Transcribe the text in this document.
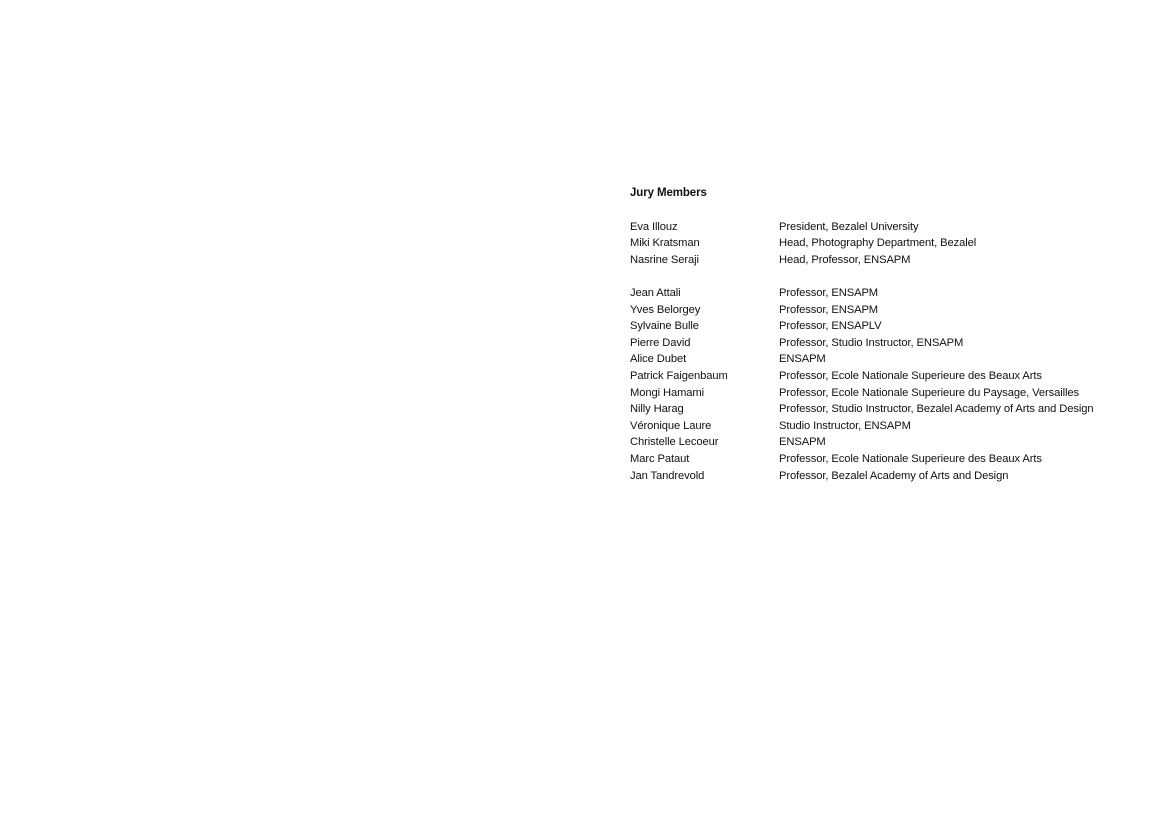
Jury Members
Eva Illouz	President, Bezalel University
Miki Kratsman	Head, Photography Department, Bezalel
Nasrine Seraji	Head, Professor, ENSAPM
Jean Attali	Professor, ENSAPM
Yves Belorgey	Professor, ENSAPM
Sylvaine Bulle	Professor, ENSAPLV
Pierre David	Professor, Studio Instructor, ENSAPM
Alice Dubet	ENSAPM
Patrick Faigenbaum	Professor, Ecole Nationale Superieure des Beaux Arts
Mongi Hamami	Professor, Ecole Nationale Superieure du Paysage, Versailles
Nilly Harag	Professor, Studio Instructor, Bezalel Academy of Arts and Design
Véronique Laure	Studio Instructor, ENSAPM
Christelle Lecoeur	ENSAPM
Marc Pataut	Professor, Ecole Nationale Superieure des Beaux Arts
Jan Tandrevold	Professor, Bezalel Academy of Arts and Design
